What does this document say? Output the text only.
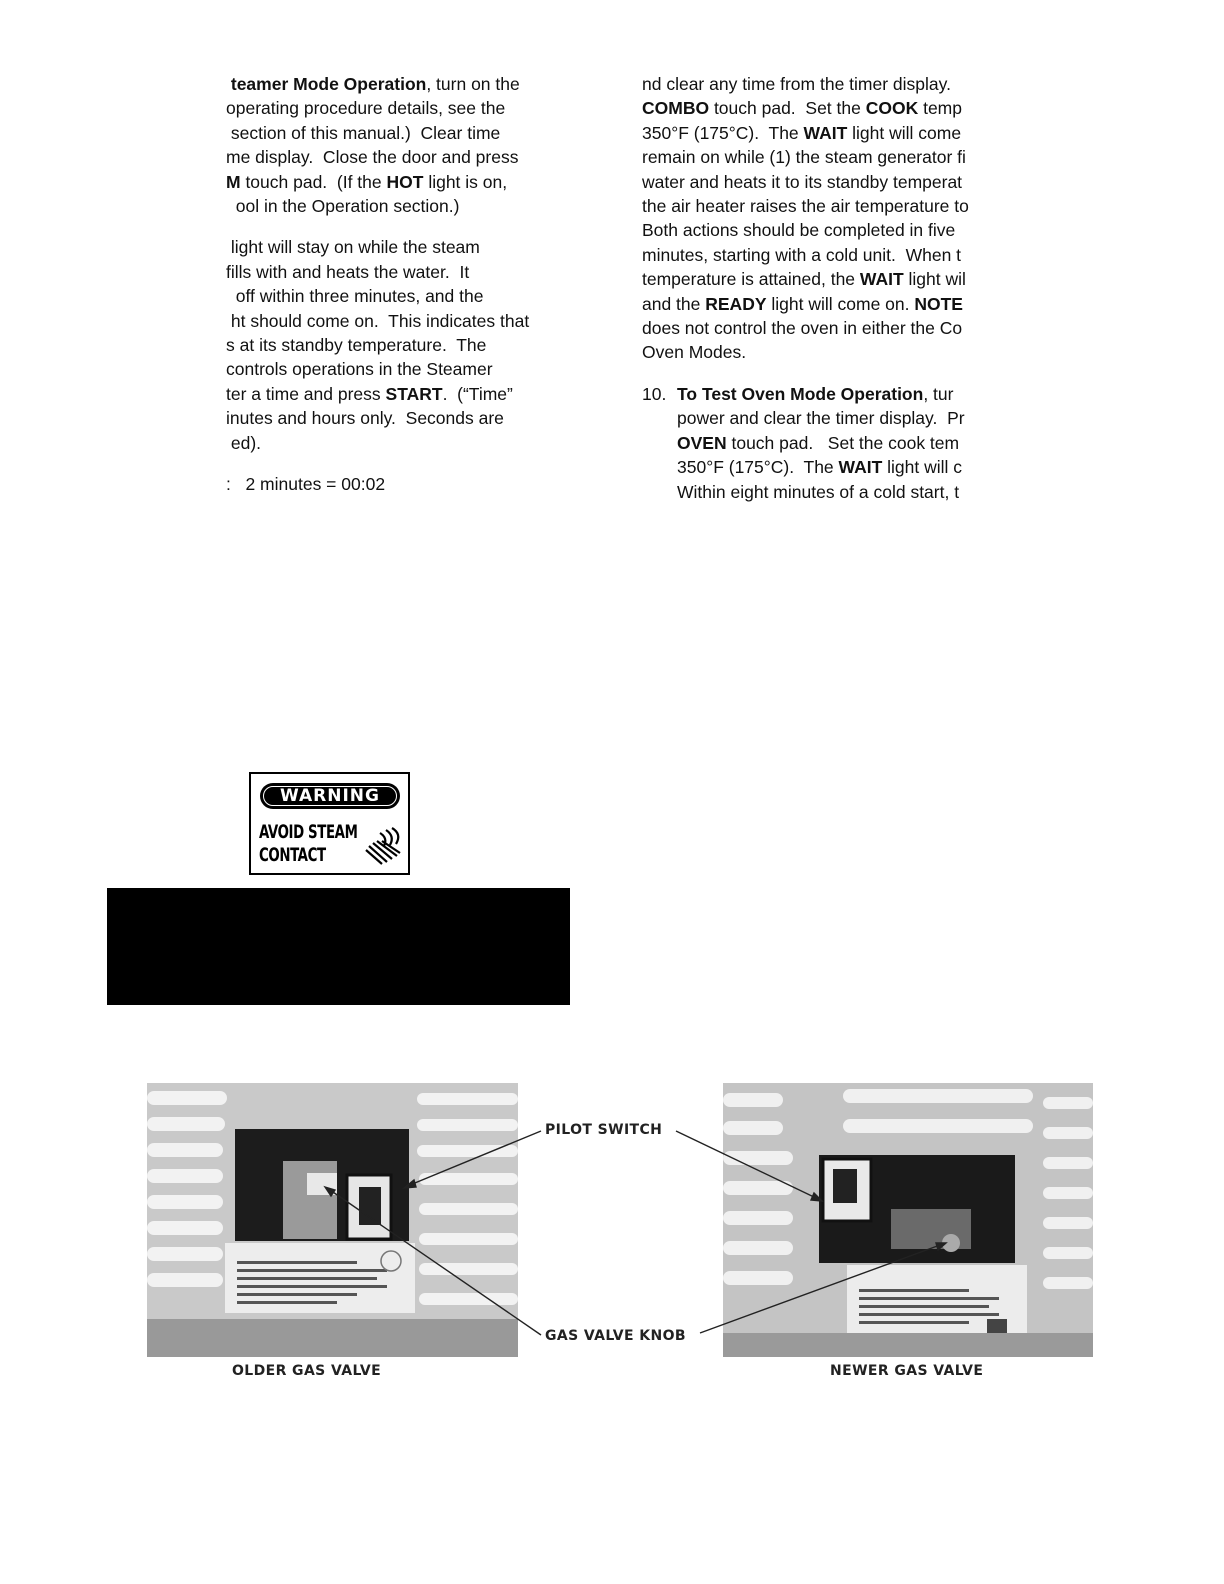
teamer Mode Operation, turn on the

operating procedure details, see the

section of this manual.)  Clear time

me display.  Close the door and press

M touch pad.  (If the HOT light is on,

ool in the Operation section.)

light will stay on while the steam

fills with and heats the water.  It

off within three minutes, and the

ht should come on.  This indicates that

s at its standby temperature.  The

controls operations in the Steamer

ter a time and press START.  (“Time”

inutes and hours only.  Seconds are

ed).

:   2 minutes = 00:02

nd clear any time from the timer display.

COMBO touch pad.  Set the COOK temp

350°F (175°C).  The WAIT light will come

remain on while (1) the steam generator fi

water and heats it to its standby temperat

the air heater raises the air temperature to

Both actions should be completed in five

minutes, starting with a cold unit.  When t

temperature is attained, the WAIT light wil

and the READY light will come on. NOTE

does not control the oven in either the Co

Oven Modes.

10. To Test Oven Mode Operation, tur

power and clear the timer display.  Pr

OVEN touch pad.   Set the cook tem

350°F (175°C).  The WAIT light will c

Within eight minutes of a cold start, t

WARNING
AVOID STEAM
CONTACT
PILOT SWITCH
GAS VALVE KNOB
OLDER GAS VALVE	NEWER GAS VALVE
